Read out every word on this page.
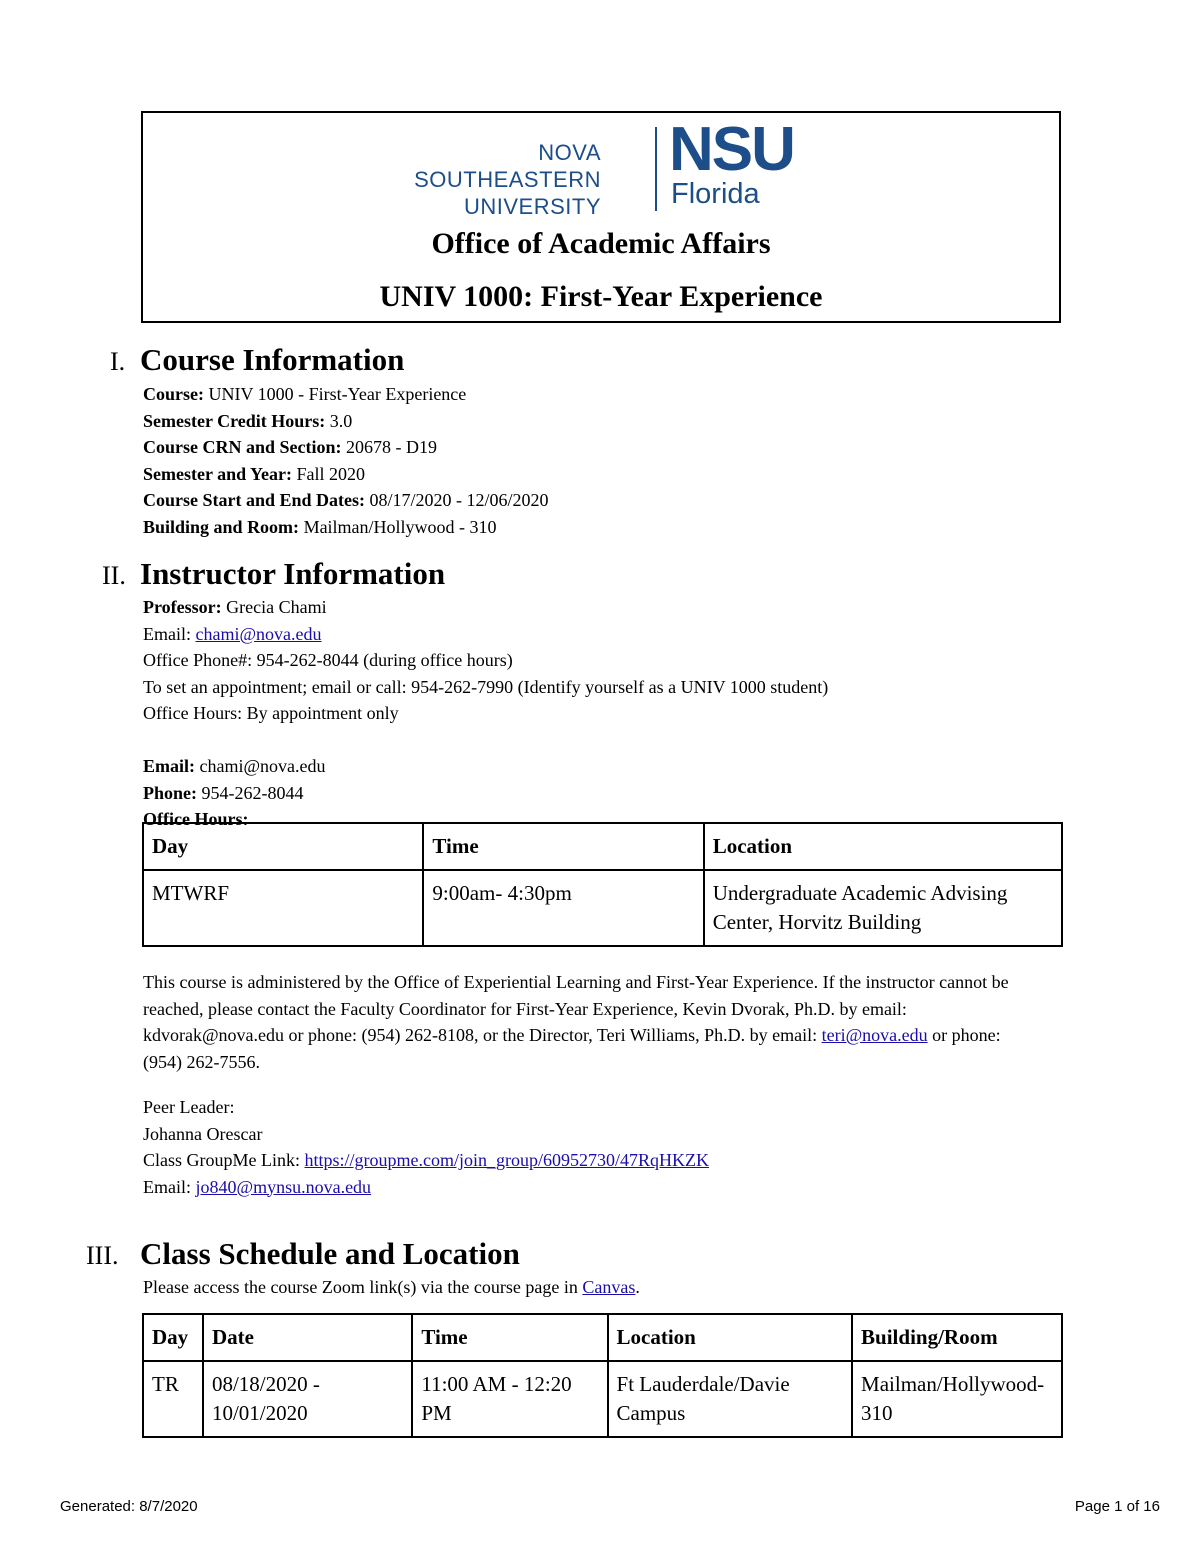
NOVA SOUTHEASTERN
UNIVERSITY
NSU
Florida
Office of Academic Affairs
UNIV 1000: First-Year Experience
I. Course Information
Course: UNIV 1000 - First-Year Experience
Semester Credit Hours: 3.0
Course CRN and Section: 20678 - D19
Semester and Year: Fall 2020
Course Start and End Dates: 08/17/2020 - 12/06/2020
Building and Room: Mailman/Hollywood - 310
II. Instructor Information
Professor: Grecia Chami
Email: chami@nova.edu
Office Phone#: 954-262-8044 (during office hours)
To set an appointment; email or call: 954-262-7990 (Identify yourself as a UNIV 1000 student)
Office Hours: By appointment only
Email: chami@nova.edu
Phone: 954-262-8044
Office Hours:
Day	Time	Location
MTWRF	9:00am- 4:30pm	Undergraduate Academic Advising Center, Horvitz Building
This course is administered by the Office of Experiential Learning and First-Year Experience. If the instructor cannot be reached, please contact the Faculty Coordinator for First-Year Experience, Kevin Dvorak, Ph.D. by email: kdvorak@nova.edu or phone: (954) 262-8108, or the Director, Teri Williams, Ph.D. by email: teri@nova.edu or phone: (954) 262-7556.
Peer Leader:
Johanna Orescar
Class GroupMe Link: https://groupme.com/join_group/60952730/47RqHKZK
Email: jo840@mynsu.nova.edu
III. Class Schedule and Location
Please access the course Zoom link(s) via the course page in Canvas.
Day	Date	Time	Location	Building/Room
TR	08/18/2020 - 10/01/2020	11:00 AM - 12:20 PM	Ft Lauderdale/Davie Campus	Mailman/Hollywood-310
Generated: 8/7/2020	Page 1 of 16
